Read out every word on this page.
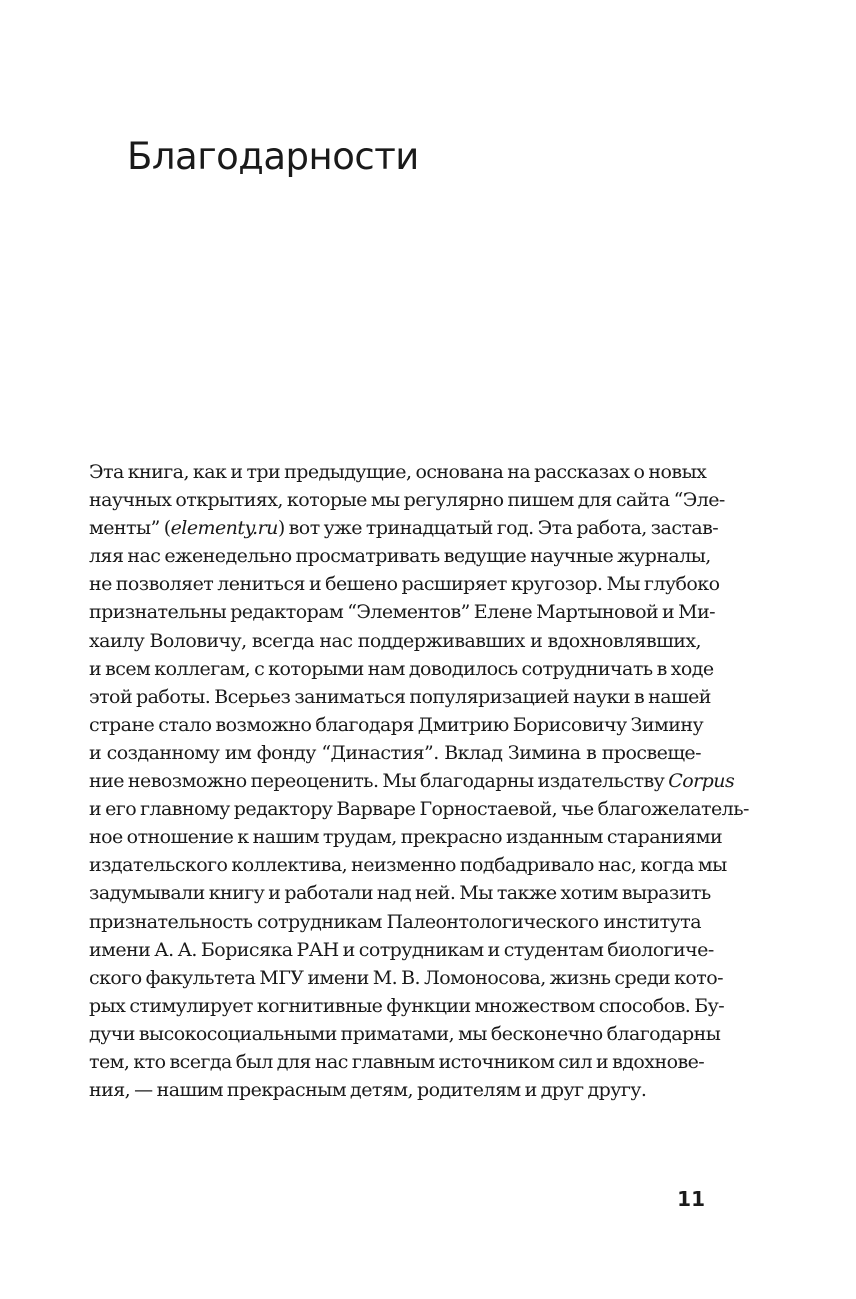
Благодарности
Эта книга, как и три предыдущие, основана на рассказах о новых
научных открытиях, которые мы регулярно пишем для сайта “Эле-
менты” (elementy.ru) вот уже тринадцатый год. Эта работа, застав-
ляя нас еженедельно просматривать ведущие научные журналы,
не позволяет лениться и бешено расширяет кругозор. Мы глубоко
признательны редакторам “Элементов” Елене Мартыновой и Ми-
хаилу Воловичу, всегда нас поддерживавших и вдохновлявших,
и всем коллегам, с которыми нам доводилось сотрудничать в ходе
этой работы. Всерьез заниматься популяризацией науки в нашей
стране стало возможно благодаря Дмитрию Борисовичу Зимину
и созданному им фонду “Династия”. Вклад Зимина в просвеще-
ние невозможно переоценить. Мы благодарны издательству Corpus
и его главному редактору Варваре Горностаевой, чье благожелатель-
ное отношение к нашим трудам, прекрасно изданным стараниями
издательского коллектива, неизменно подбадривало нас, когда мы
задумывали книгу и работали над ней. Мы также хотим выразить
признательность сотрудникам Палеонтологического института
имени А. А. Борисяка РАН и сотрудникам и студентам биологиче-
ского факультета МГУ имени М. В. Ломоносова, жизнь среди кото-
рых стимулирует когнитивные функции множеством способов. Бу-
дучи высокосоциальными приматами, мы бесконечно благодарны
тем, кто всегда был для нас главным источником сил и вдохнове-
ния, — нашим прекрасным детям, родителям и друг другу.
11
